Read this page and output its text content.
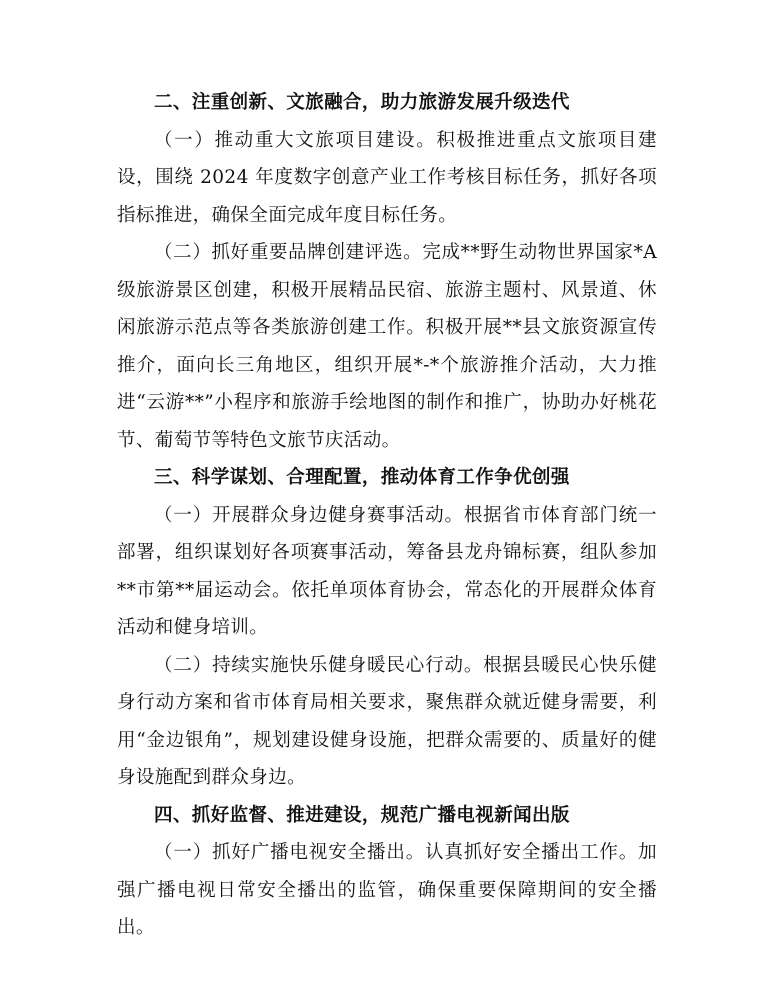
二、注重创新、文旅融合，助力旅游发展升级迭代

（一）推动重大文旅项目建设。积极推进重点文旅项目建设，围绕 2024 年度数字创意产业工作考核目标任务，抓好各项指标推进，确保全面完成年度目标任务。

（二）抓好重要品牌创建评选。完成**野生动物世界国家*A 级旅游景区创建，积极开展精品民宿、旅游主题村、风景道、休闲旅游示范点等各类旅游创建工作。积极开展**县文旅资源宣传推介，面向长三角地区，组织开展*-*个旅游推介活动，大力推进“云游**”小程序和旅游手绘地图的制作和推广，协助办好桃花节、葡萄节等特色文旅节庆活动。

三、科学谋划、合理配置，推动体育工作争优创强

（一）开展群众身边健身赛事活动。根据省市体育部门统一部署，组织谋划好各项赛事活动，筹备县龙舟锦标赛，组队参加**市第**届运动会。依托单项体育协会，常态化的开展群众体育活动和健身培训。

（二）持续实施快乐健身暖民心行动。根据县暖民心快乐健身行动方案和省市体育局相关要求，聚焦群众就近健身需要，利用“金边银角”，规划建设健身设施，把群众需要的、质量好的健身设施配到群众身边。

四、抓好监督、推进建设，规范广播电视新闻出版

（一）抓好广播电视安全播出。认真抓好安全播出工作。加强广播电视日常安全播出的监管，确保重要保障期间的安全播出。
